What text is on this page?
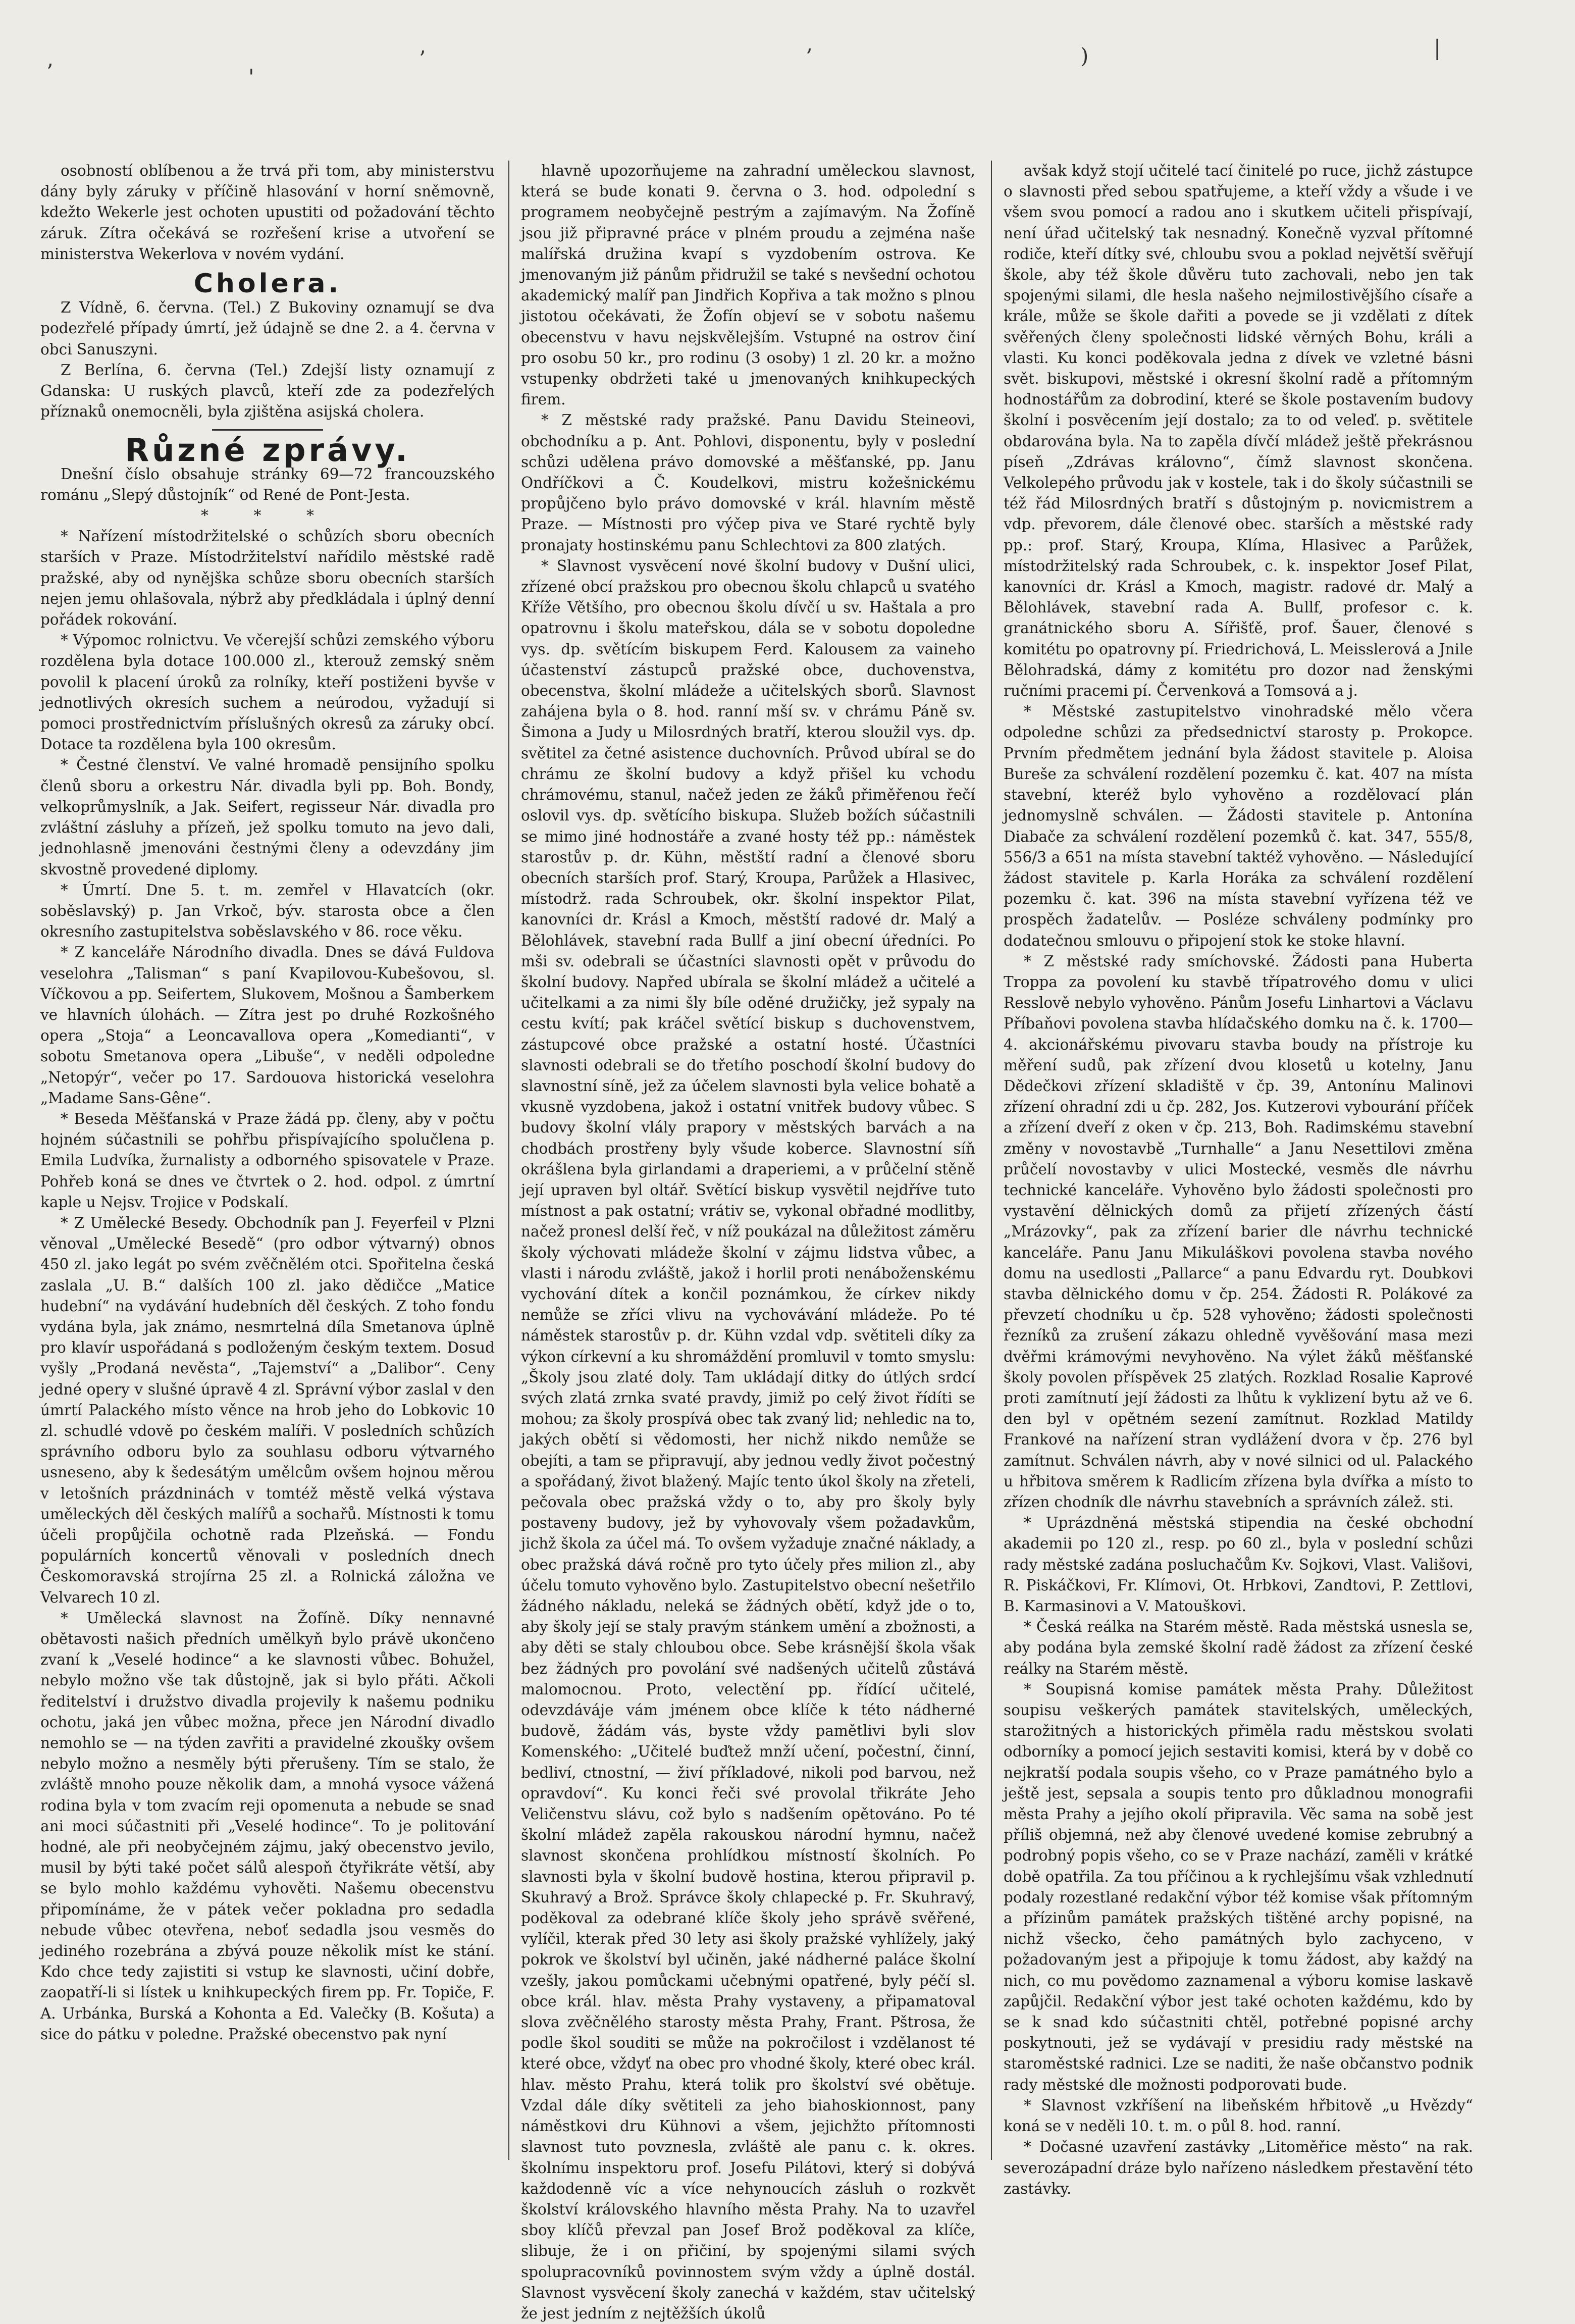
’	'
’	’	)	|

osobností oblíbenou a že trvá při tom, aby ministerstvu dány byly záruky v příčině hlasování v horní sněmovně, kdežto Wekerle jest ochoten upustiti od požadování těchto záruk. Zítra očekává se rozřešení krise a utvoření se ministerstva Wekerlova v novém vydání.

Cholera.

Z Vídně, 6. června. (Tel.) Z Bukoviny oznamují se dva podezřelé případy úmrtí, jež údajně se dne 2. a 4. června v obci Sanuszyni.

Z Berlína, 6. června (Tel.) Zdejší listy oznamují z Gdanska: U ruských plavců, kteří zde za podezřelých příznaků onemocněli, byla zjištěna asijská cholera.

Různé zprávy.

Dnešní číslo obsahuje stránky 69—72 francouzského románu „Slepý důstojník“ od René de Pont-Jesta.

* * *

* Nařízení místodržitelské o schůzích sboru obecních starších v Praze. Místodržitelství nařídilo městské radě pražské, aby od nynějška schůze sboru obecních starších nejen jemu ohlašovala, nýbrž aby předkládala i úplný denní pořádek rokování.

* Výpomoc rolnictvu. Ve včerejší schůzi zemského výboru rozdělena byla dotace 100.000 zl., kterouž zemský sněm povolil k placení úroků za rolníky, kteří postiženi byvše v jednotlivých okresích suchem a neúrodou, vyžadují si pomoci prostřednictvím příslušných okresů za záruky obcí. Dotace ta rozdělena byla 100 okresům.

* Čestné členství. Ve valné hromadě pensijního spolku členů sboru a orkestru Nár. divadla byli pp. Boh. Bondy, velkoprůmyslník, a Jak. Seifert, regisseur Nár. divadla pro zvláštní zásluhy a přízeň, jež spolku tomuto na jevo dali, jednohlasně jmenováni čestnými členy a odevzdány jim skvostně provedené diplomy.

* Úmrtí. Dne 5. t. m. zemřel v Hlavatcích (okr. soběslavský) p. Jan Vrkoč, býv. starosta obce a člen okresního zastupitelstva soběslavského v 86. roce věku.

* Z kanceláře Národního divadla. Dnes se dává Fuldova veselohra „Talisman“ s paní Kvapilovou-Kubešovou, sl. Víčkovou a pp. Seifertem, Slukovem, Mošnou a Šamberkem ve hlavních úlohách. — Zítra jest po druhé Rozkošného opera „Stoja“ a Leoncavallova opera „Komedianti“, v sobotu Smetanova opera „Libuše“, v neděli odpoledne „Netopýr“, večer po 17. Sardouova historická veselohra „Madame Sans-Gêne“.

* Beseda Měšťanská v Praze žádá pp. členy, aby v počtu hojném súčastnili se pohřbu přispívajícího spolučlena p. Emila Ludvíka, žurnalisty a odborného spisovatele v Praze. Pohřeb koná se dnes ve čtvrtek o 2. hod. odpol. z úmrtní kaple u Nejsv. Trojice v Podskalí.

* Z Umělecké Besedy. Obchodník pan J. Feyerfeil v Plzni věnoval „Umělecké Besedě“ (pro odbor výtvarný) obnos 450 zl. jako legát po svém zvěčnělém otci. Spořitelna česká zaslala „U. B.“ dalších 100 zl. jako dědičce „Matice hudební“ na vydávání hudebních děl českých. Z toho fondu vydána byla, jak známo, nesmrtelná díla Smetanova úplně pro klavír uspořádaná s podloženým českým textem. Dosud vyšly „Prodaná nevěsta“, „Tajemství“ a „Dalibor“. Ceny jedné opery v slušné úpravě 4 zl. Správní výbor zaslal v den úmrtí Palackého místo věnce na hrob jeho do Lobkovic 10 zl. schudlé vdově po českém malíři. V posledních schůzích správního odboru bylo za souhlasu odboru výtvarného usneseno, aby k šedesátým umělcům ovšem hojnou měrou v letošních prázdninách v tomtéž městě velká výstava uměleckých děl českých malířů a sochařů. Místnosti k tomu účeli propůjčila ochotně rada Plzeňská. — Fondu populárních koncertů věnovali v posledních dnech Českomoravská strojírna 25 zl. a Rolnická záložna ve Velvarech 10 zl.

* Umělecká slavnost na Žofíně. Díky nennavné obětavosti našich předních umělkyň bylo právě ukončeno zvaní k „Veselé hodince“ a ke slavnosti vůbec. Bohužel, nebylo možno vše tak důstojně, jak si bylo přáti. Ačkoli ředitelství i družstvo divadla projevily k našemu podniku ochotu, jaká jen vůbec možna, přece jen Národní divadlo nemohlo se — na týden zavřiti a pravidelné zkoušky ovšem nebylo možno a nesměly býti přerušeny. Tím se stalo, že zvláště mnoho pouze několik dam, a mnohá vysoce vážená rodina byla v tom zvacím reji opomenuta a nebude se snad ani moci súčastniti při „Veselé hodince“. To je politování hodné, ale při neobyčejném zájmu, jaký obecenstvo jevilo, musil by býti také počet sálů alespoň čtyřikráte větší, aby se bylo mohlo každému vyhověti. Našemu obecenstvu připomínáme, že v pátek večer pokladna pro sedadla nebude vůbec otevřena, neboť sedadla jsou vesměs do jediného rozebrána a zbývá pouze několik míst ke stání. Kdo chce tedy zajistiti si vstup ke slavnosti, učiní dobře, zaopatří-li si lístek u knihkupeckých firem pp. Fr. Topiče, F. A. Urbánka, Burská a Kohonta a Ed. Valečky (B. Košuta) a sice do pátku v poledne. Pražské obecenstvo pak nyní

hlavně upozorňujeme na zahradní uměleckou slavnost, která se bude konati 9. června o 3. hod. odpolední s programem neobyčejně pestrým a zajímavým. Na Žofíně jsou již připravné práce v plném proudu a zejména naše malířská družina kvapí s vyzdobením ostrova. Ke jmenovaným již pánům přidružil se také s nevšední ochotou akademický malíř pan Jindřich Kopřiva a tak možno s plnou jistotou očekávati, že Žofín objeví se v sobotu našemu obecenstvu v havu nejskvělejším. Vstupné na ostrov činí pro osobu 50 kr., pro rodinu (3 osoby) 1 zl. 20 kr. a možno vstupenky obdržeti také u jmenovaných knihkupeckých firem.

* Z městské rady pražské. Panu Davidu Steineovi, obchodníku a p. Ant. Pohlovi, disponentu, byly v poslední schůzi udělena právo domovské a měšťanské, pp. Janu Ondříčkovi a Č. Koudelkovi, mistru kožešnickému propůjčeno bylo právo domovské v král. hlavním městě Praze. — Místnosti pro výčep piva ve Staré rychtě byly pronajaty hostinskému panu Schlechtovi za 800 zlatých.

* Slavnost vysvěcení nové školní budovy v Dušní ulici, zřízené obcí pražskou pro obecnou školu chlapců u svatého Kříže Většího, pro obecnou školu dívčí u sv. Haštala a pro opatrovnu i školu mateřskou, dála se v sobotu dopoledne vys. dp. světícím biskupem Ferd. Kalousem za vaineho účastenství zástupců pražské obce, duchovenstva, obecenstva, školní mládeže a učitelských sborů. Slavnost zahájena byla o 8. hod. ranní mší sv. v chrámu Páně sv. Šimona a Judy u Milosrdných bratří, kterou sloužil vys. dp. světitel za četné asistence duchovních. Průvod ubíral se do chrámu ze školní budovy a když přišel ku vchodu chrámovému, stanul, načež jeden ze žáků přiměřenou řečí oslovil vys. dp. světícího biskupa. Služeb božích súčastnili se mimo jiné hodnostáře a zvané hosty též pp.: náměstek starostův p. dr. Kühn, městští radní a členové sboru obecních starších prof. Starý, Kroupa, Parůžek a Hlasivec, místodrž. rada Schroubek, okr. školní inspektor Pilat, kanovníci dr. Krásl a Kmoch, městští radové dr. Malý a Bělohlávek, stavební rada Bullf a jiní obecní úředníci. Po mši sv. odebrali se účastníci slavnosti opět v průvodu do školní budovy. Napřed ubírala se školní mládež a učitelé a učitelkami a za nimi šly bíle oděné družičky, jež sypaly na cestu kvítí; pak kráčel světící biskup s duchovenstvem, zástupcové obce pražské a ostatní hosté. Účastníci slavnosti odebrali se do třetího poschodí školní budovy do slavnostní síně, jež za účelem slavnosti byla velice bohatě a vkusně vyzdobena, jakož i ostatní vnitřek budovy vůbec. S budovy školní vlály prapory v městských barvách a na chodbách prostřeny byly všude koberce. Slavnostní síň okrášlena byla girlandami a draperiemi, a v průčelní stěně její upraven byl oltář. Světící biskup vysvětil nejdříve tuto místnost a pak ostatní; vrátiv se, vykonal obřadné modlitby, načež pronesl delší řeč, v níž poukázal na důležitost záměru školy výchovati mládeže školní v zájmu lidstva vůbec, a vlasti i národu zvláště, jakož i horlil proti nenáboženskému vychování dítek a končil poznámkou, že církev nikdy nemůže se zříci vlivu na vychovávání mládeže. Po té náměstek starostův p. dr. Kühn vzdal vdp. světiteli díky za výkon církevní a ku shromáždění promluvil v tomto smyslu: „Školy jsou zlaté doly. Tam ukládají ditky do útlých srdcí svých zlatá zrnka svaté pravdy, jimiž po celý život řídíti se mohou; za školy prospívá obec tak zvaný lid; nehledic na to, jakých obětí si vědomosti, her nichž nikdo nemůže se obejíti, a tam se připravují, aby jednou vedly život počestný a spořádaný, život blažený. Majíc tento úkol školy na zřeteli, pečovala obec pražská vždy o to, aby pro školy byly postaveny budovy, jež by vyhovovaly všem požadavkům, jichž škola za účel má. To ovšem vyžaduje značné náklady, a obec pražská dává ročně pro tyto účely přes milion zl., aby účelu tomuto vyhověno bylo. Zastupitelstvo obecní nešetřilo žádného nákladu, neleká se žádných obětí, když jde o to, aby školy její se staly pravým stánkem umění a zbožnosti, a aby děti se staly chloubou obce. Sebe krásnější škola však bez žádných pro povolání své nadšených učitelů zůstává malomocnou. Proto, velectění pp. řídící učitelé, odevzdáváje vám jménem obce klíče k této nádherné budově, žádám vás, byste vždy pamětlivi byli slov Komenského: „Učitelé buďtež mnží učení, počestní, činní, bedliví, ctnostní, — živí příkladové, nikoli pod barvou, než opravdoví“. Ku konci řeči své provolal třikráte Jeho Veličenstvu slávu, což bylo s nadšením opětováno. Po té školní mládež zapěla rakouskou národní hymnu, načež slavnost skončena prohlídkou místností školních. Po slavnosti byla v školní budově hostina, kterou připravil p. Skuhravý a Brož. Správce školy chlapecké p. Fr. Skuhravý, poděkoval za odebrané klíče školy jeho správě svěřené, vylíčil, kterak před 30 lety asi školy pražské vyhlížely, jaký pokrok ve školství byl učiněn, jaké nádherné paláce školní vzešly, jakou pomůckami učebnými opatřené, byly péčí sl. obce král. hlav. města Prahy vystaveny, a připamatoval slova zvěčnělého starosty města Prahy, Frant. Pštrosa, že podle škol souditi se může na pokročilost i vzdělanost té které obce, vždyť na obec pro vhodné školy, které obec král. hlav. město Prahu, která tolik pro školství své obětuje. Vzdal dále díky světiteli za jeho biahoskionnost, pany náměstkovi dru Kühnovi a všem, jejichžto přítomnosti slavnost tuto povznesla, zvláště ale panu c. k. okres. školnímu inspektoru prof. Josefu Pilátovi, který si dobývá každodenně víc a více nehynoucích zásluh o rozkvět školství královského hlavního města Prahy. Na to uzavřel sboy klíčů převzal pan Josef Brož poděkoval za klíče, slibuje, že i on přičiní, by spojenými silami svých spolupracovníků povinnostem svým vždy a úplně dostál. Slavnost vysvěcení školy zanechá v každém, stav učitelský že jest jedním z nejtěžších úkolů

avšak když stojí učitelé tací činitelé po ruce, jichž zástupce o slavnosti před sebou spatřujeme, a kteří vždy a všude i ve všem svou pomocí a radou ano i skutkem učiteli přispívají, není úřad učitelský tak nesnadný. Konečně vyzval přítomné rodiče, kteří dítky své, chloubu svou a poklad největší svěřují škole, aby též škole důvěru tuto zachovali, nebo jen tak spojenými silami, dle hesla našeho nejmilostivějšího císaře a krále, může se škole dařiti a povede se ji vzdělati z dítek svěřených členy společnosti lidské věrných Bohu, králi a vlasti. Ku konci poděkovala jedna z dívek ve vzletné básni svět. biskupovi, městské i okresní školní radě a přítomným hodnostářům za dobrodiní, které se škole postavením budovy školní i posvěcením její dostalo; za to od veleď. p. světitele obdarována byla. Na to zapěla dívčí mládež ještě překrásnou píseň „Zdrávas královno“, čímž slavnost skončena. Velkolepého průvodu jak v kostele, tak i do školy súčastnili se též řád Milosrdných bratří s důstojným p. novicmistrem a vdp. převorem, dále členové obec. starších a městské rady pp.: prof. Starý, Kroupa, Klíma, Hlasivec a Parůžek, místodržitelský rada Schroubek, c. k. inspektor Josef Pilat, kanovníci dr. Krásl a Kmoch, magistr. radové dr. Malý a Bělohlávek, stavební rada A. Bullf, profesor c. k. granátnického sboru A. Sířišťě, prof. Šauer, členové s komitétu po opatrovny pí. Friedrichová, L. Meisslerová a Jnile Bělohradská, dámy z komitétu pro dozor nad ženskými ručními pracemi pí. Červenková a Tomsová a j.

* Městské zastupitelstvo vinohradské mělo včera odpoledne schůzi za předsednictví starosty p. Prokopce. Prvním předmětem jednání byla žádost stavitele p. Aloisa Bureše za schválení rozdělení pozemku č. kat. 407 na místa stavební, kteréž bylo vyhověno a rozdělovací plán jednomyslně schválen. — Žádosti stavitele p. Antonína Diabače za schválení rozdělení pozemků č. kat. 347, 555/8, 556/3 a 651 na místa stavební taktéž vyhověno. — Následující žádost stavitele p. Karla Horáka za schválení rozdělení pozemku č. kat. 396 na místa stavební vyřízena též ve prospěch žadatelův. — Posléze schváleny podmínky pro dodatečnou smlouvu o připojení stok ke stoke hlavní.

* Z městské rady smíchovské. Žádosti pana Huberta Troppa za povolení ku stavbě třípatrového domu v ulici Resslově nebylo vyhověno. Pánům Josefu Linhartovi a Václavu Příbaňovi povolena stavba hlídačského domku na č. k. 1700—4. akcionářskému pivovaru stavba boudy na přístroje ku měření sudů, pak zřízení dvou klosetů u kotelny, Janu Dědečkovi zřízení skladiště v čp. 39, Antonínu Malinovi zřízení ohradní zdi u čp. 282, Jos. Kutzerovi vybourání příček a zřízení dveří z oken v čp. 213, Boh. Radimskému stavební změny v novostavbě „Turnhalle“ a Janu Nesettilovi změna průčelí novostavby v ulici Mostecké, vesměs dle návrhu technické kanceláře. Vyhověno bylo žádosti společnosti pro vystavění dělnických domů za přijetí zřízených částí „Mrázovky“, pak za zřízení barier dle návrhu technické kanceláře. Panu Janu Mikuláškovi povolena stavba nového domu na usedlosti „Pallarce“ a panu Edvardu ryt. Doubkovi stavba dělnického domu v čp. 254. Žádosti R. Polákové za převzetí chodníku u čp. 528 vyhověno; žádosti společnosti řezníků za zrušení zákazu ohledně vyvěšování masa mezi dvěřmi krámovými nevyhověno. Na výlet žáků měšťanské školy povolen příspěvek 25 zlatých. Rozklad Rosalie Kaprové proti zamítnutí její žádosti za lhůtu k vyklizení bytu až ve 6. den byl v opětném sezení zamítnut. Rozklad Matildy Frankové na nařízení stran vydlážení dvora v čp. 276 byl zamítnut. Schválen návrh, aby v nové silnici od ul. Palackého u hřbitova směrem k Radlicím zřízena byla dvířka a místo to zřízen chodník dle návrhu stavebních a správních zálež. sti.

* Uprázdněná městská stipendia na české obchodní akademii po 120 zl., resp. po 60 zl., byla v poslední schůzi rady městské zadána posluchačům Kv. Sojkovi, Vlast. Vališovi, R. Piskáčkovi, Fr. Klímovi, Ot. Hrbkovi, Zandtovi, P. Zettlovi, B. Karmasinovi a V. Matouškovi.

* Česká reálka na Starém městě. Rada městská usnesla se, aby podána byla zemské školní radě žádost za zřízení české reálky na Starém městě.

* Soupisná komise památek města Prahy. Důležitost soupisu veškerých památek stavitelských, uměleckých, starožitných a historických přiměla radu městskou svolati odborníky a pomocí jejich sestaviti komisi, která by v době co nejkratší podala soupis všeho, co v Praze památného bylo a ještě jest, sepsala a soupis tento pro důkladnou monografii města Prahy a jejího okolí připravila. Věc sama na sobě jest příliš objemná, než aby členové uvedené komise zebrubný a podrobný popis všeho, co se v Praze nachází, zaměli v krátké době opatřila. Za tou příčinou a k rychlejšímu však vzhlednutí podaly rozestlané redakční výbor též komise však přítomným a přízinům památek pražských tištěné archy popisné, na nichž všecko, čeho památných bylo zachyceno, v požadovaným jest a připojuje k tomu žádost, aby každý na nich, co mu povědomo zaznamenal a výboru komise laskavě zapůjčil. Redakční výbor jest také ochoten každému, kdo by se k snad kdo súčastniti chtěl, potřebné popisné archy poskytnouti, jež se vydávají v presidiu rady městské na staroměstské radnici. Lze se naditi, že naše občanstvo podnik rady městské dle možnosti podporovati bude.

* Slavnost vzkříšení na libeňském hřbitově „u Hvězdy“ koná se v neděli 10. t. m. o půl 8. hod. ranní.

* Dočasné uzavření zastávky „Litoměřice město“ na rak. severozápadní dráze bylo nařízeno následkem přestavění této zastávky.
